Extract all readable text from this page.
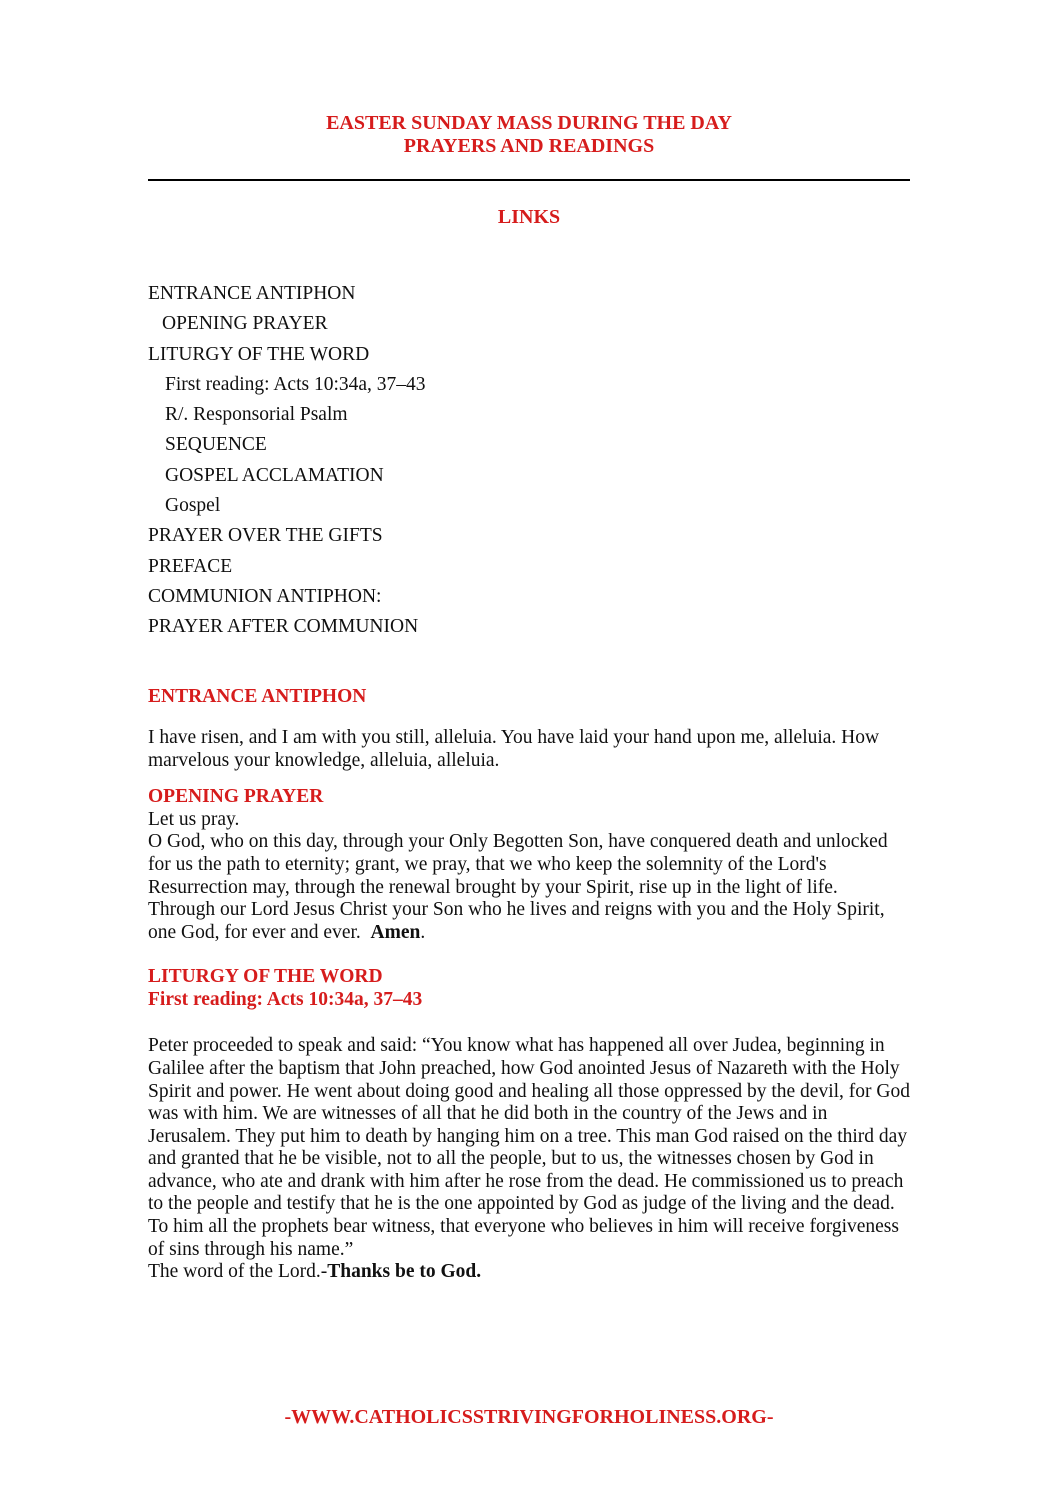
EASTER SUNDAY MASS DURING THE DAY
PRAYERS AND READINGS
LINKS
ENTRANCE ANTIPHON
OPENING PRAYER
LITURGY OF THE WORD
First reading: Acts 10:34a, 37–43
R/. Responsorial Psalm
SEQUENCE
GOSPEL ACCLAMATION
Gospel
PRAYER OVER THE GIFTS
PREFACE
COMMUNION ANTIPHON:
PRAYER AFTER COMMUNION
ENTRANCE ANTIPHON

I have risen, and I am with you still, alleluia. You have laid your hand upon me, alleluia. How marvelous your knowledge, alleluia, alleluia.

OPENING PRAYER

Let us pray.

O God, who on this day, through your Only Begotten Son, have conquered death and unlocked for us the path to eternity; grant, we pray, that we who keep the solemnity of the Lord's Resurrection may, through the renewal brought by your Spirit, rise up in the light of life.

Through our Lord Jesus Christ your Son who he lives and reigns with you and the Holy Spirit, one God, for ever and ever.  Amen.

LITURGY OF THE WORD
First reading: Acts 10:34a, 37–43

Peter proceeded to speak and said: “You know what has happened all over Judea, beginning in Galilee after the baptism that John preached, how God anointed Jesus of Nazareth with the Holy Spirit and power. He went about doing good and healing all those oppressed by the devil, for God was with him. We are witnesses of all that he did both in the country of the Jews and in Jerusalem. They put him to death by hanging him on a tree. This man God raised on the third day and granted that he be visible, not to all the people, but to us, the witnesses chosen by God in advance, who ate and drank with him after he rose from the dead. He commissioned us to preach to the people and testify that he is the one appointed by God as judge of the living and the dead. To him all the prophets bear witness, that everyone who believes in him will receive forgiveness of sins through his name.”

The word of the Lord.-Thanks be to God.

-WWW.CATHOLICSSTRIVINGFORHOLINESS.ORG-
